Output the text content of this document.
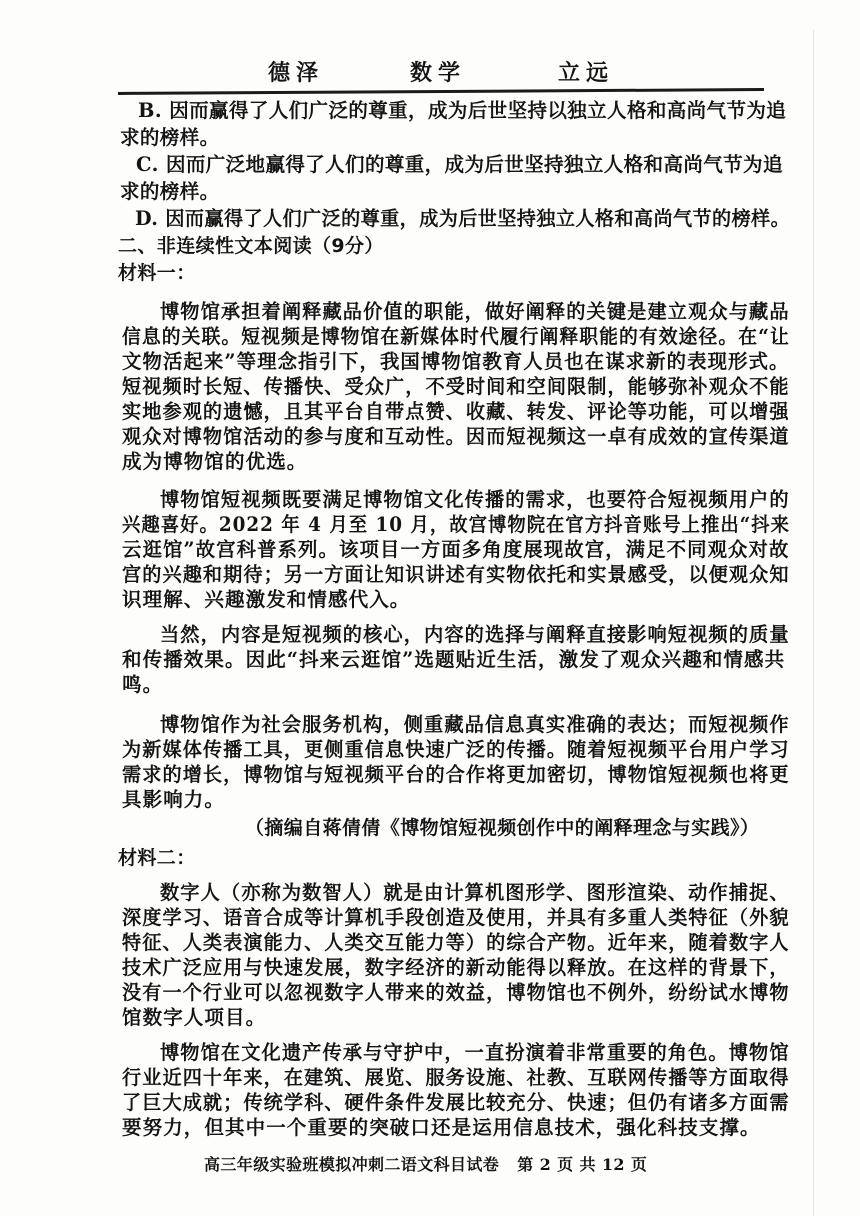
德泽	数学	立远
B. 因而赢得了人们广泛的尊重，成为后世坚持以独立人格和高尚气节为追
求的榜样。
C. 因而广泛地赢得了人们的尊重，成为后世坚持独立人格和高尚气节为追
求的榜样。
D. 因而赢得了人们广泛的尊重，成为后世坚持独立人格和高尚气节的榜样。
二、非连续性文本阅读（9分）
材料一：
博物馆承担着阐释藏品价值的职能，做好阐释的关键是建立观众与藏品
信息的关联。短视频是博物馆在新媒体时代履行阐释职能的有效途径。在“让
文物活起来”等理念指引下，我国博物馆教育人员也在谋求新的表现形式。
短视频时长短、传播快、受众广，不受时间和空间限制，能够弥补观众不能
实地参观的遗憾，且其平台自带点赞、收藏、转发、评论等功能，可以增强
观众对博物馆活动的参与度和互动性。因而短视频这一卓有成效的宣传渠道
成为博物馆的优选。
博物馆短视频既要满足博物馆文化传播的需求，也要符合短视频用户的
兴趣喜好。2022 年 4 月至 10 月，故宫博物院在官方抖音账号上推出“抖来
云逛馆”故宫科普系列。该项目一方面多角度展现故宫，满足不同观众对故
宫的兴趣和期待；另一方面让知识讲述有实物依托和实景感受，以便观众知
识理解、兴趣激发和情感代入。
当然，内容是短视频的核心，内容的选择与阐释直接影响短视频的质量
和传播效果。因此“抖来云逛馆”选题贴近生活，激发了观众兴趣和情感共
鸣。
博物馆作为社会服务机构，侧重藏品信息真实准确的表达；而短视频作
为新媒体传播工具，更侧重信息快速广泛的传播。随着短视频平台用户学习
需求的增长，博物馆与短视频平台的合作将更加密切，博物馆短视频也将更
具影响力。
（摘编自蒋倩倩《博物馆短视频创作中的阐释理念与实践》）
材料二：
数字人（亦称为数智人）就是由计算机图形学、图形渲染、动作捕捉、
深度学习、语音合成等计算机手段创造及使用，并具有多重人类特征（外貌
特征、人类表演能力、人类交互能力等）的综合产物。近年来，随着数字人
技术广泛应用与快速发展，数字经济的新动能得以释放。在这样的背景下，
没有一个行业可以忽视数字人带来的效益，博物馆也不例外，纷纷试水博物
馆数字人项目。
博物馆在文化遗产传承与守护中，一直扮演着非常重要的角色。博物馆
行业近四十年来，在建筑、展览、服务设施、社教、互联网传播等方面取得
了巨大成就；传统学科、硬件条件发展比较充分、快速；但仍有诸多方面需
要努力，但其中一个重要的突破口还是运用信息技术，强化科技支撑。
高三年级实验班模拟冲刺二语文科目试卷 第 2 页 共 12 页
